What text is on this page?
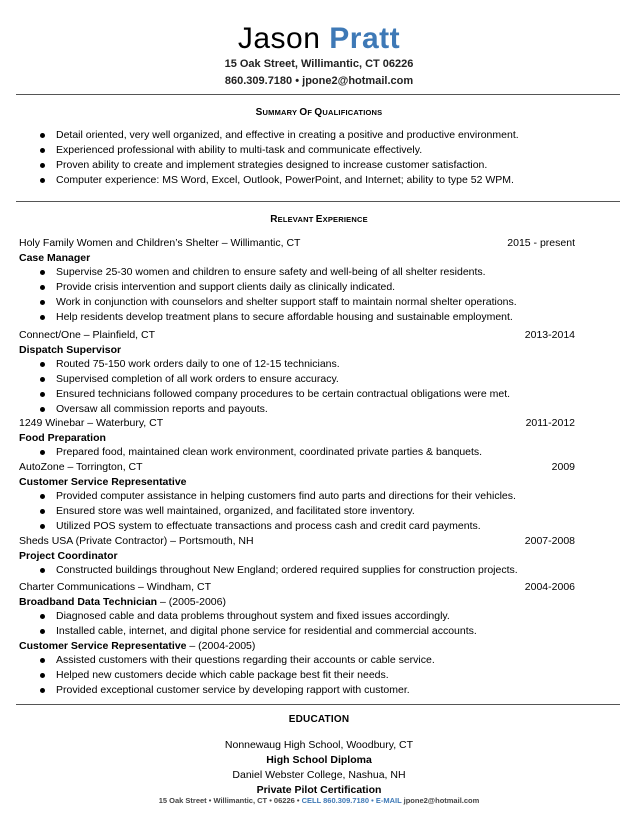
Jason Pratt
15 Oak Street, Willimantic, CT 06226
860.309.7180 • jpone2@hotmail.com
SUMMARY OF QUALIFICATIONS
Detail oriented, very well organized, and effective in creating a positive and productive environment.
Experienced professional with ability to multi-task and communicate effectively.
Proven ability to create and implement strategies designed to increase customer satisfaction.
Computer experience: MS Word, Excel, Outlook, PowerPoint, and Internet; ability to type 52 WPM.
RELEVANT EXPERIENCE
Holy Family Women and Children’s Shelter – Willimantic, CT	2015 - present
Case Manager
Supervise 25-30 women and children to ensure safety and well-being of all shelter residents.
Provide crisis intervention and support clients daily as clinically indicated.
Work in conjunction with counselors and shelter support staff to maintain normal shelter operations.
Help residents develop treatment plans to secure affordable housing and sustainable employment.
Connect/One – Plainfield, CT	2013-2014
Dispatch Supervisor
Routed 75-150 work orders daily to one of 12-15 technicians.
Supervised completion of all work orders to ensure accuracy.
Ensured technicians followed company procedures to be certain contractual obligations were met.
Oversaw all commission reports and payouts.
1249 Winebar – Waterbury, CT	2011-2012
Food Preparation
Prepared food, maintained clean work environment, coordinated private parties & banquets.
AutoZone – Torrington, CT	2009
Customer Service Representative
Provided computer assistance in helping customers find auto parts and directions for their vehicles.
Ensured store was well maintained, organized, and facilitated store inventory.
Utilized POS system to effectuate transactions and process cash and credit card payments.
Sheds USA (Private Contractor) – Portsmouth, NH	2007-2008
Project Coordinator
Constructed buildings throughout New England; ordered required supplies for construction projects.
Charter Communications – Windham, CT	2004-2006
Broadband Data Technician – (2005-2006)
Diagnosed cable and data problems throughout system and fixed issues accordingly.
Installed cable, internet, and digital phone service for residential and commercial accounts.
Customer Service Representative – (2004-2005)
Assisted customers with their questions regarding their accounts or cable service.
Helped new customers decide which cable package best fit their needs.
Provided exceptional customer service by developing rapport with customer.
EDUCATION
Nonnewaug High School, Woodbury, CT
High School Diploma
Daniel Webster College, Nashua, NH
Private Pilot Certification
15 Oak Street • Willimantic, CT • 06226 • CELL 860.309.7180 • E-MAIL jpone2@hotmail.com
